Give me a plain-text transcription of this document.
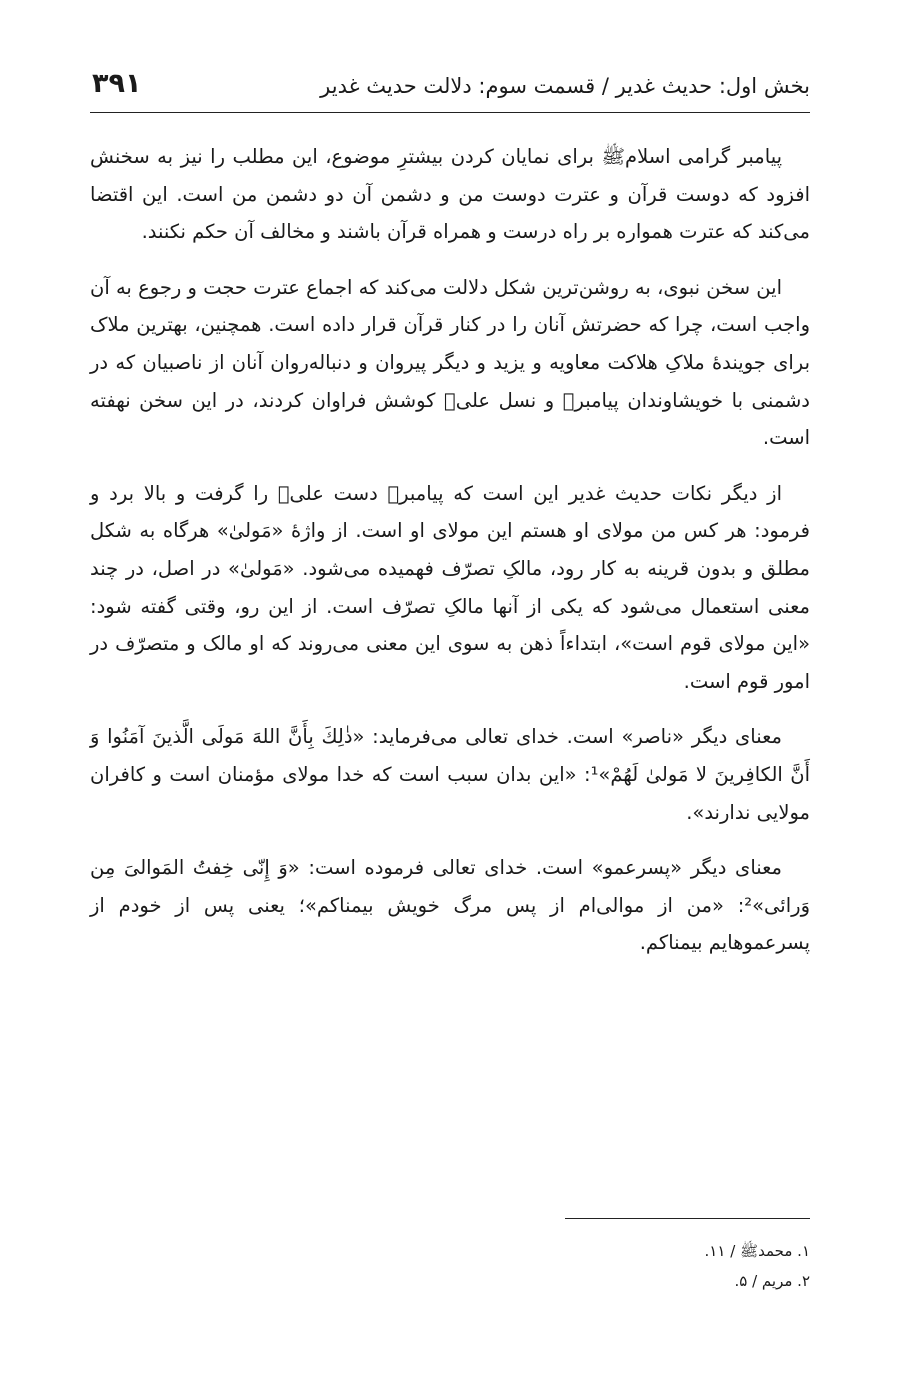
بخش اول: حدیث غدیر / قسمت سوم: دلالت حدیث غدیر
۳۹۱

پیامبر گرامی اسلامﷺ برای نمایان کردن بیشترِ موضوع، این مطلب را نیز به سخنش افزود که دوست قرآن و عترت دوست من و دشمن آن دو دشمن من است. این اقتضا می‌کند که عترت همواره بر راه درست و همراه قرآن باشند و مخالف آن حکم نکنند.

این سخن نبوی، به روشن‌ترین شکل دلالت می‌کند که اجماع عترت حجت و رجوع به آن واجب است، چرا که حضرتش آنان را در کنار قرآن قرار داده است. همچنین، بهترین ملاک برای جویندهٔ ملاکِ هلاکت معاویه و یزید و دیگر پیروان و دنباله‌روان آنان از ناصبیان که در دشمنی با خویشاوندان پیامبرﷺ و نسل علیؑ کوشش فراوان کردند، در این سخن نهفته است.

از دیگر نکات حدیث غدیر این است که پیامبرﷺ دست علیؑ را گرفت و بالا برد و فرمود: هر کس من مولای او هستم این مولای او است. از واژهٔ «مَولیٰ» هرگاه به شکل مطلق و بدون قرینه به کار رود، مالکِ تصرّف فهمیده می‌شود. «مَولیٰ» در اصل، در چند معنی استعمال می‌شود که یکی از آنها مالکِ تصرّف است. از این رو، وقتی گفته شود: «این مولای قوم است»، ابتداءاً ذهن به سوی این معنی می‌روند که او مالک و متصرّف در امور قوم است.

معنای دیگر «ناصر» است. خدای تعالی می‌فرماید: «ذٰلِكَ بِأَنَّ اللهَ مَولَی الَّذینَ آمَنُوا وَ أَنَّ الکافِرینَ لا مَولیٰ لَهُمْ»¹: «این بدان سبب است که خدا مولای مؤمنان است و کافران مولایی ندارند».

معنای دیگر «پسرعمو» است. خدای تعالی فرموده است: «وَ إِنّی خِفتُ المَوالیَ مِن وَرائی»²: «من از موالی‌ام از پس مرگ خویش بیمناکم»؛ یعنی پس از خودم از پسرعموهایم بیمناکم.

۱. محمدﷺ / ۱۱.

۲. مریم / ۵.
